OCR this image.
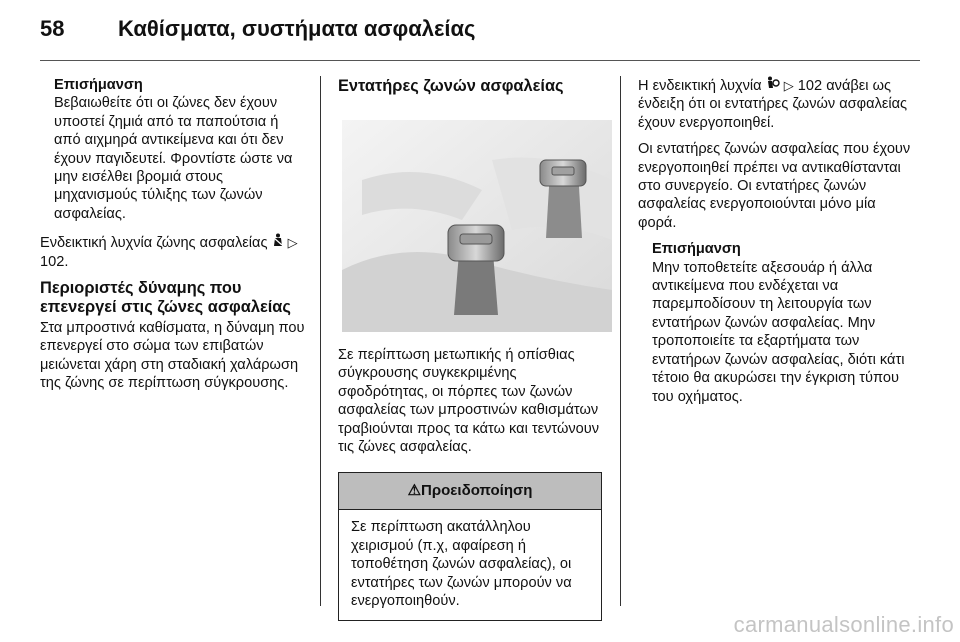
58 Καθίσματα, συστήματα ασφαλείας
Επισήμανση
Βεβαιωθείτε ότι οι ζώνες δεν έχουν υποστεί ζημιά από τα παπούτσια ή από αιχμηρά αντικείμενα και ότι δεν έχουν παγιδευτεί. Φροντίστε ώστε να μην εισέλθει βρομιά στους μηχανισμούς τύλιξης των ζωνών ασφαλείας.

Ενδεικτική λυχνία ζώνης ασφαλείας ▷ 102.

Περιοριστές δύναμης που επενεργεί στις ζώνες ασφαλείας

Στα μπροστινά καθίσματα, η δύναμη που επενεργεί στο σώμα των επιβατών μειώνεται χάρη στη σταδιακή χαλάρωση της ζώνης σε περίπτωση σύγκρουσης.

Εντατήρες ζωνών ασφαλείας

Σε περίπτωση μετωπικής ή οπίσθιας σύγκρουσης συγκεκριμένης σφοδρότητας, οι πόρπες των ζωνών ασφαλείας των μπροστινών καθισμάτων τραβιούνται προς τα κάτω και τεντώνουν τις ζώνες ασφαλείας.

⚠Προειδοποίηση
Σε περίπτωση ακατάλληλου χειρισμού (π.χ, αφαίρεση ή τοποθέτηση ζωνών ασφαλείας), οι εντατήρες των ζωνών μπορούν να ενεργοποιηθούν.

Η ενδεικτική λυχνία ▷ 102 ανάβει ως ένδειξη ότι οι εντατήρες ζωνών ασφαλείας έχουν ενεργοποιηθεί.

Οι εντατήρες ζωνών ασφαλείας που έχουν ενεργοποιηθεί πρέπει να αντικαθίστανται στο συνεργείο. Οι εντατήρες ζωνών ασφαλείας ενεργοποιούνται μόνο μία φορά.

Επισήμανση
Μην τοποθετείτε αξεσουάρ ή άλλα αντικείμενα που ενδέχεται να παρεμποδίσουν τη λειτουργία των εντατήρων ζωνών ασφαλείας. Μην τροποποιείτε τα εξαρτήματα των εντατήρων ζωνών ασφαλείας, διότι κάτι τέτοιο θα ακυρώσει την έγκριση τύπου του οχήματος.
carmanualsonline.info
